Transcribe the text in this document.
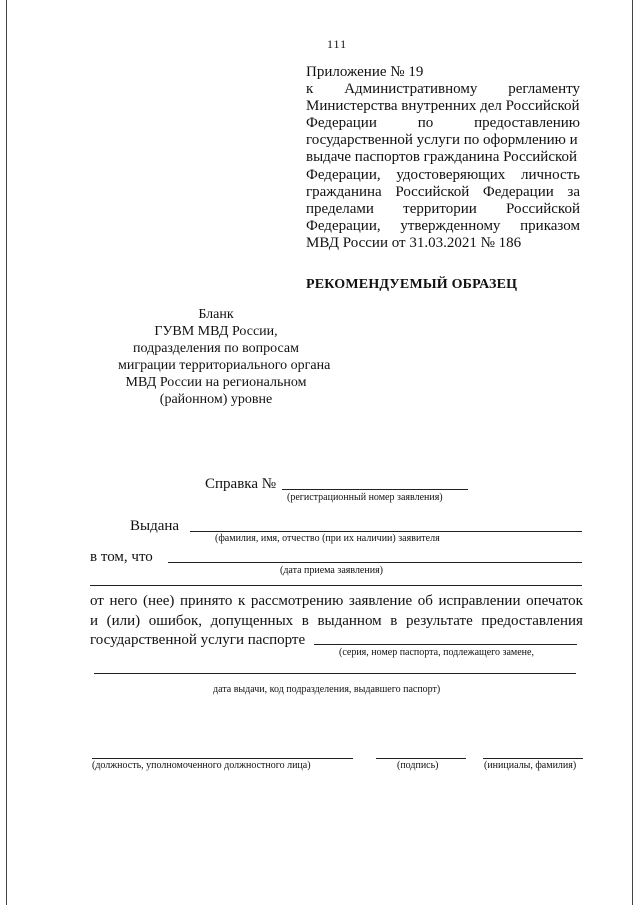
111
Приложение № 19
к Административному регламенту
Министерства внутренних дел Российской
Федерации	по	предоставлению
государственной услуги по оформлению и
выдаче паспортов гражданина Российской
Федерации, удостоверяющих личность
гражданина Российской Федерации за
пределами территории Российской
Федерации, утвержденному приказом
МВД России от 31.03.2021 № 186
РЕКОМЕНДУЕМЫЙ ОБРАЗЕЦ
Бланк
ГУВМ МВД России,
подразделения по вопросам
миграции территориального органа
МВД России на региональном
(районном) уровне
Справка №
(регистрационный номер заявления)
Выдана
(фамилия, имя, отчество (при их наличии) заявителя
в том, что
(дата приема заявления)
от него (нее) принято к рассмотрению заявление об исправлении опечаток
и (или) ошибок, допущенных в выданном в результате предоставления
государственной услуги паспорте
(серия, номер паспорта, подлежащего замене,
дата выдачи, код подразделения, выдавшего паспорт)
(должность, уполномоченного должностного лица)	(подпись)	(инициалы, фамилия)
